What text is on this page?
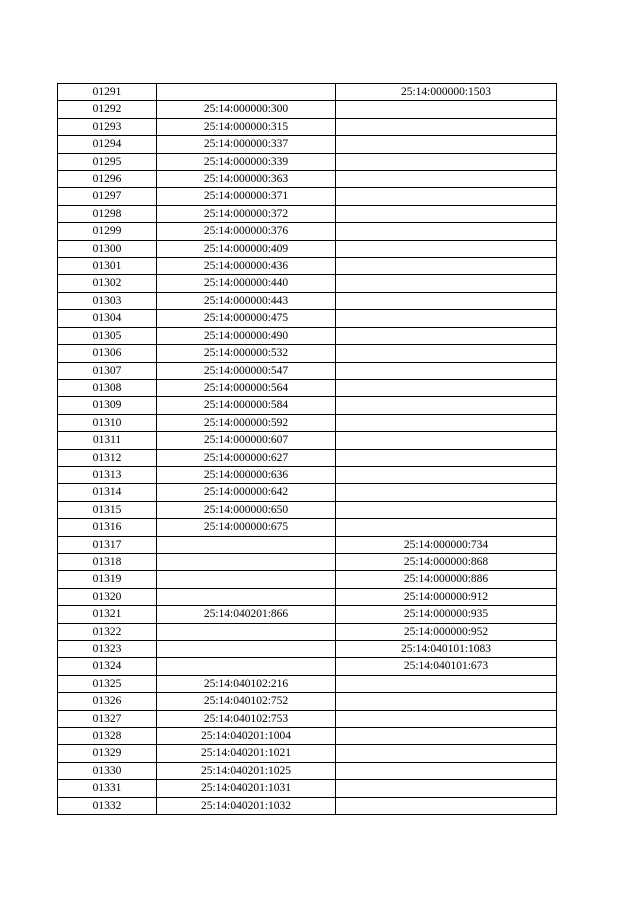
01291		25:14:000000:1503
01292	25:14:000000:300	
01293	25:14:000000:315	
01294	25:14:000000:337	
01295	25:14:000000:339	
01296	25:14:000000:363	
01297	25:14:000000:371	
01298	25:14:000000:372	
01299	25:14:000000:376	
01300	25:14:000000:409	
01301	25:14:000000:436	
01302	25:14:000000:440	
01303	25:14:000000:443	
01304	25:14:000000:475	
01305	25:14:000000:490	
01306	25:14:000000:532	
01307	25:14:000000:547	
01308	25:14:000000:564	
01309	25:14:000000:584	
01310	25:14:000000:592	
01311	25:14:000000:607	
01312	25:14:000000:627	
01313	25:14:000000:636	
01314	25:14:000000:642	
01315	25:14:000000:650	
01316	25:14:000000:675	
01317		25:14:000000:734
01318		25:14:000000:868
01319		25:14:000000:886
01320		25:14:000000:912
01321	25:14:040201:866	25:14:000000:935
01322		25:14:000000:952
01323		25:14:040101:1083
01324		25:14:040101:673
01325	25:14:040102:216	
01326	25:14:040102:752	
01327	25:14:040102:753	
01328	25:14:040201:1004	
01329	25:14:040201:1021	
01330	25:14:040201:1025	
01331	25:14:040201:1031	
01332	25:14:040201:1032	
